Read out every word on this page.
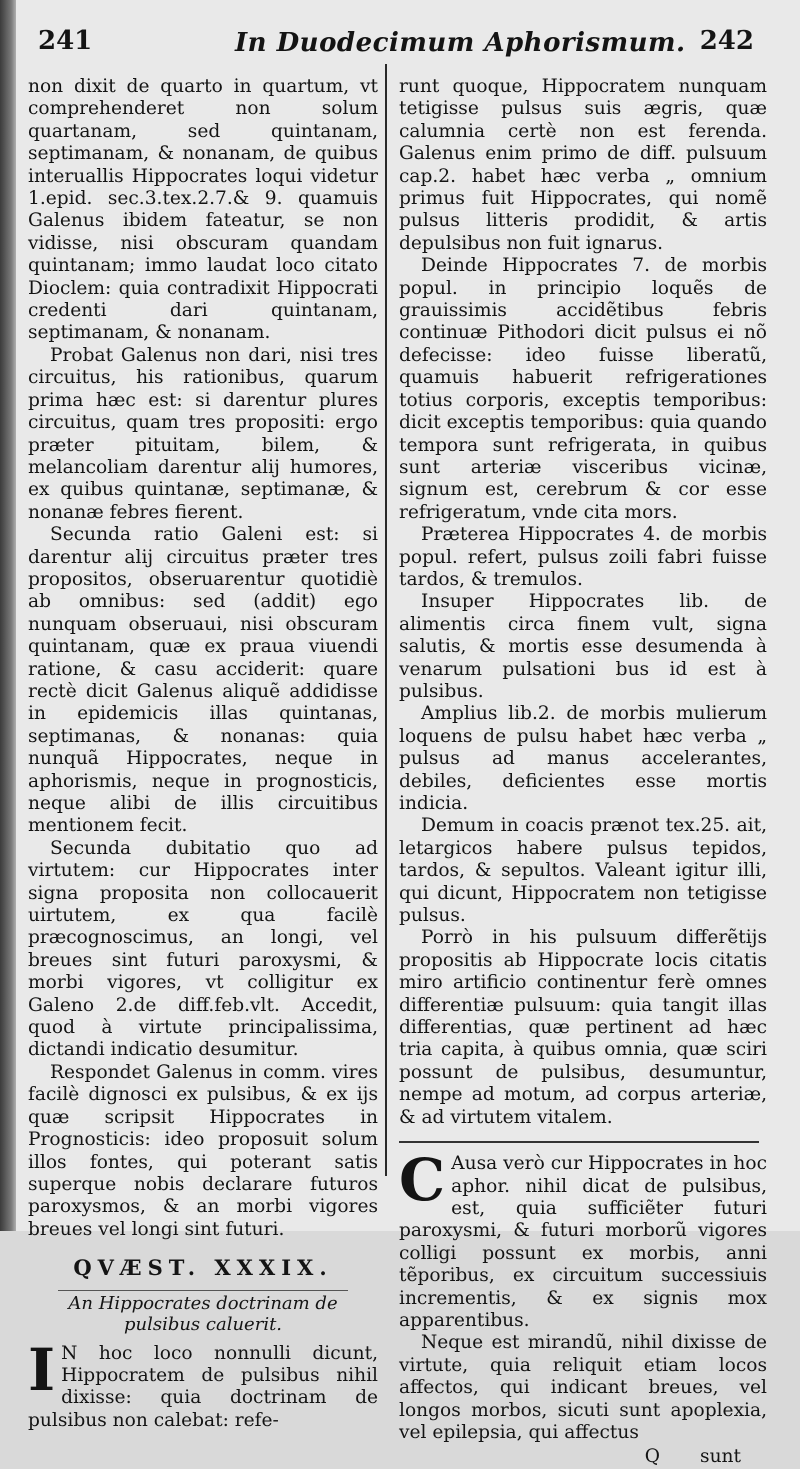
241	In Duodecimum Aphorismum. 242

non dixit de quarto in quartum, vt comprehenderet non solum quartanam, sed quintanam, septimanam, & nonanam, de quibus interuallis Hippocrates loqui videtur 1.epid. sec.3.tex.2.7.& 9. quamuis Galenus ibidem fateatur, se non vidisse, nisi obscuram quandam quintanam; immo laudat loco citato Dioclem: quia contradixit Hippocrati credenti dari quintanam, septimanam, & nonanam.

Probat Galenus non dari, nisi tres circuitus, his rationibus, quarum prima hæc est: si darentur plures circuitus, quam tres propositi: ergo præter pituitam, bilem, & melancoliam darentur alij humores, ex quibus quintanæ, septimanæ, & nonanæ febres fierent.

Secunda ratio Galeni est: si darentur alij circuitus præter tres propositos, obseruarentur quotidiè ab omnibus: sed (addit) ego nunquam obseruaui, nisi obscuram quintanam, quæ ex praua viuendi ratione, & casu acciderit: quare rectè dicit Galenus aliquẽ addidisse in epidemicis illas quintanas, septimanas, & nonanas: quia nunquã Hippocrates, neque in aphorismis, neque in prognosticis, neque alibi de illis circuitibus mentionem fecit.

Secunda dubitatio quo ad virtutem: cur Hippocrates inter signa proposita non collocauerit uirtutem, ex qua facilè præcognoscimus, an longi, vel breues sint futuri paroxysmi, & morbi vigores, vt colligitur ex Galeno 2.de diff.feb.vlt. Accedit, quod à virtute principalissima, dictandi indicatio desumitur.

Respondet Galenus in comm. vires facilè dignosci ex pulsibus, & ex ijs quæ scripsit Hippocrates in Prognosticis: ideo proposuit solum illos fontes, qui poterant satis superque nobis declarare futuros paroxysmos, & an morbi vigores breues vel longi sint futuri.

QVÆST. XXXIX.
An Hippocrates doctrinam de pulsibus caluerit.

I N hoc loco nonnulli dicunt, Hippocratem de pulsibus nihil dixisse: quia doctrinam de pulsibus non calebat: refe-

runt quoque, Hippocratem nunquam tetigisse pulsus suis ægris, quæ calumnia certè non est ferenda. Galenus enim primo de diff. pulsuum cap.2. habet hæc verba „ omnium primus fuit Hippocrates, qui nomẽ pulsus litteris prodidit, & artis depulsibus non fuit ignarus.

Deinde Hippocrates 7. de morbis popul. in principio loquẽs de grauissimis accidẽtibus febris continuæ Pithodori dicit pulsus ei nõ defecisse: ideo fuisse liberatũ, quamuis habuerit refrigerationes totius corporis, exceptis temporibus: dicit exceptis temporibus: quia quando tempora sunt refrigerata, in quibus sunt arteriæ visceribus vicinæ, signum est, cerebrum & cor esse refrigeratum, vnde cita mors.

Præterea Hippocrates 4. de morbis popul. refert, pulsus zoili fabri fuisse tardos, & tremulos.

Insuper Hippocrates lib. de alimentis circa finem vult, signa salutis, & mortis esse desumenda à venarum pulsationi bus id est à pulsibus.

Amplius lib.2. de morbis mulierum loquens de pulsu habet hæc verba „ pulsus ad manus accelerantes, debiles, deficientes esse mortis indicia.

Demum in coacis prænot tex.25. ait, letargicos habere pulsus tepidos, tardos, & sepultos. Valeant igitur illi, qui dicunt, Hippocratem non tetigisse pulsus.

Porrò in his pulsuum differẽtijs propositis ab Hippocrate locis citatis miro artificio continentur ferè omnes differentiæ pulsuum: quia tangit illas differentias, quæ pertinent ad hæc tria capita, à quibus omnia, quæ sciri possunt de pulsibus, desumuntur, nempe ad motum, ad corpus arteriæ, & ad virtutem vitalem.

C Ausa verò cur Hippocrates in hoc aphor. nihil dicat de pulsibus, est, quia sufficiẽter futuri paroxysmi, & futuri morborũ vigores colligi possunt ex morbis, anni tẽporibus, ex circuitum successiuis incrementis, & ex signis mox apparentibus.

Neque est mirandũ, nihil dixisse de virtute, quia reliquit etiam locos affectos, qui indicant breues, vel longos morbos, sicuti sunt apoplexia, vel epilepsia, qui affectus

Q sunt
